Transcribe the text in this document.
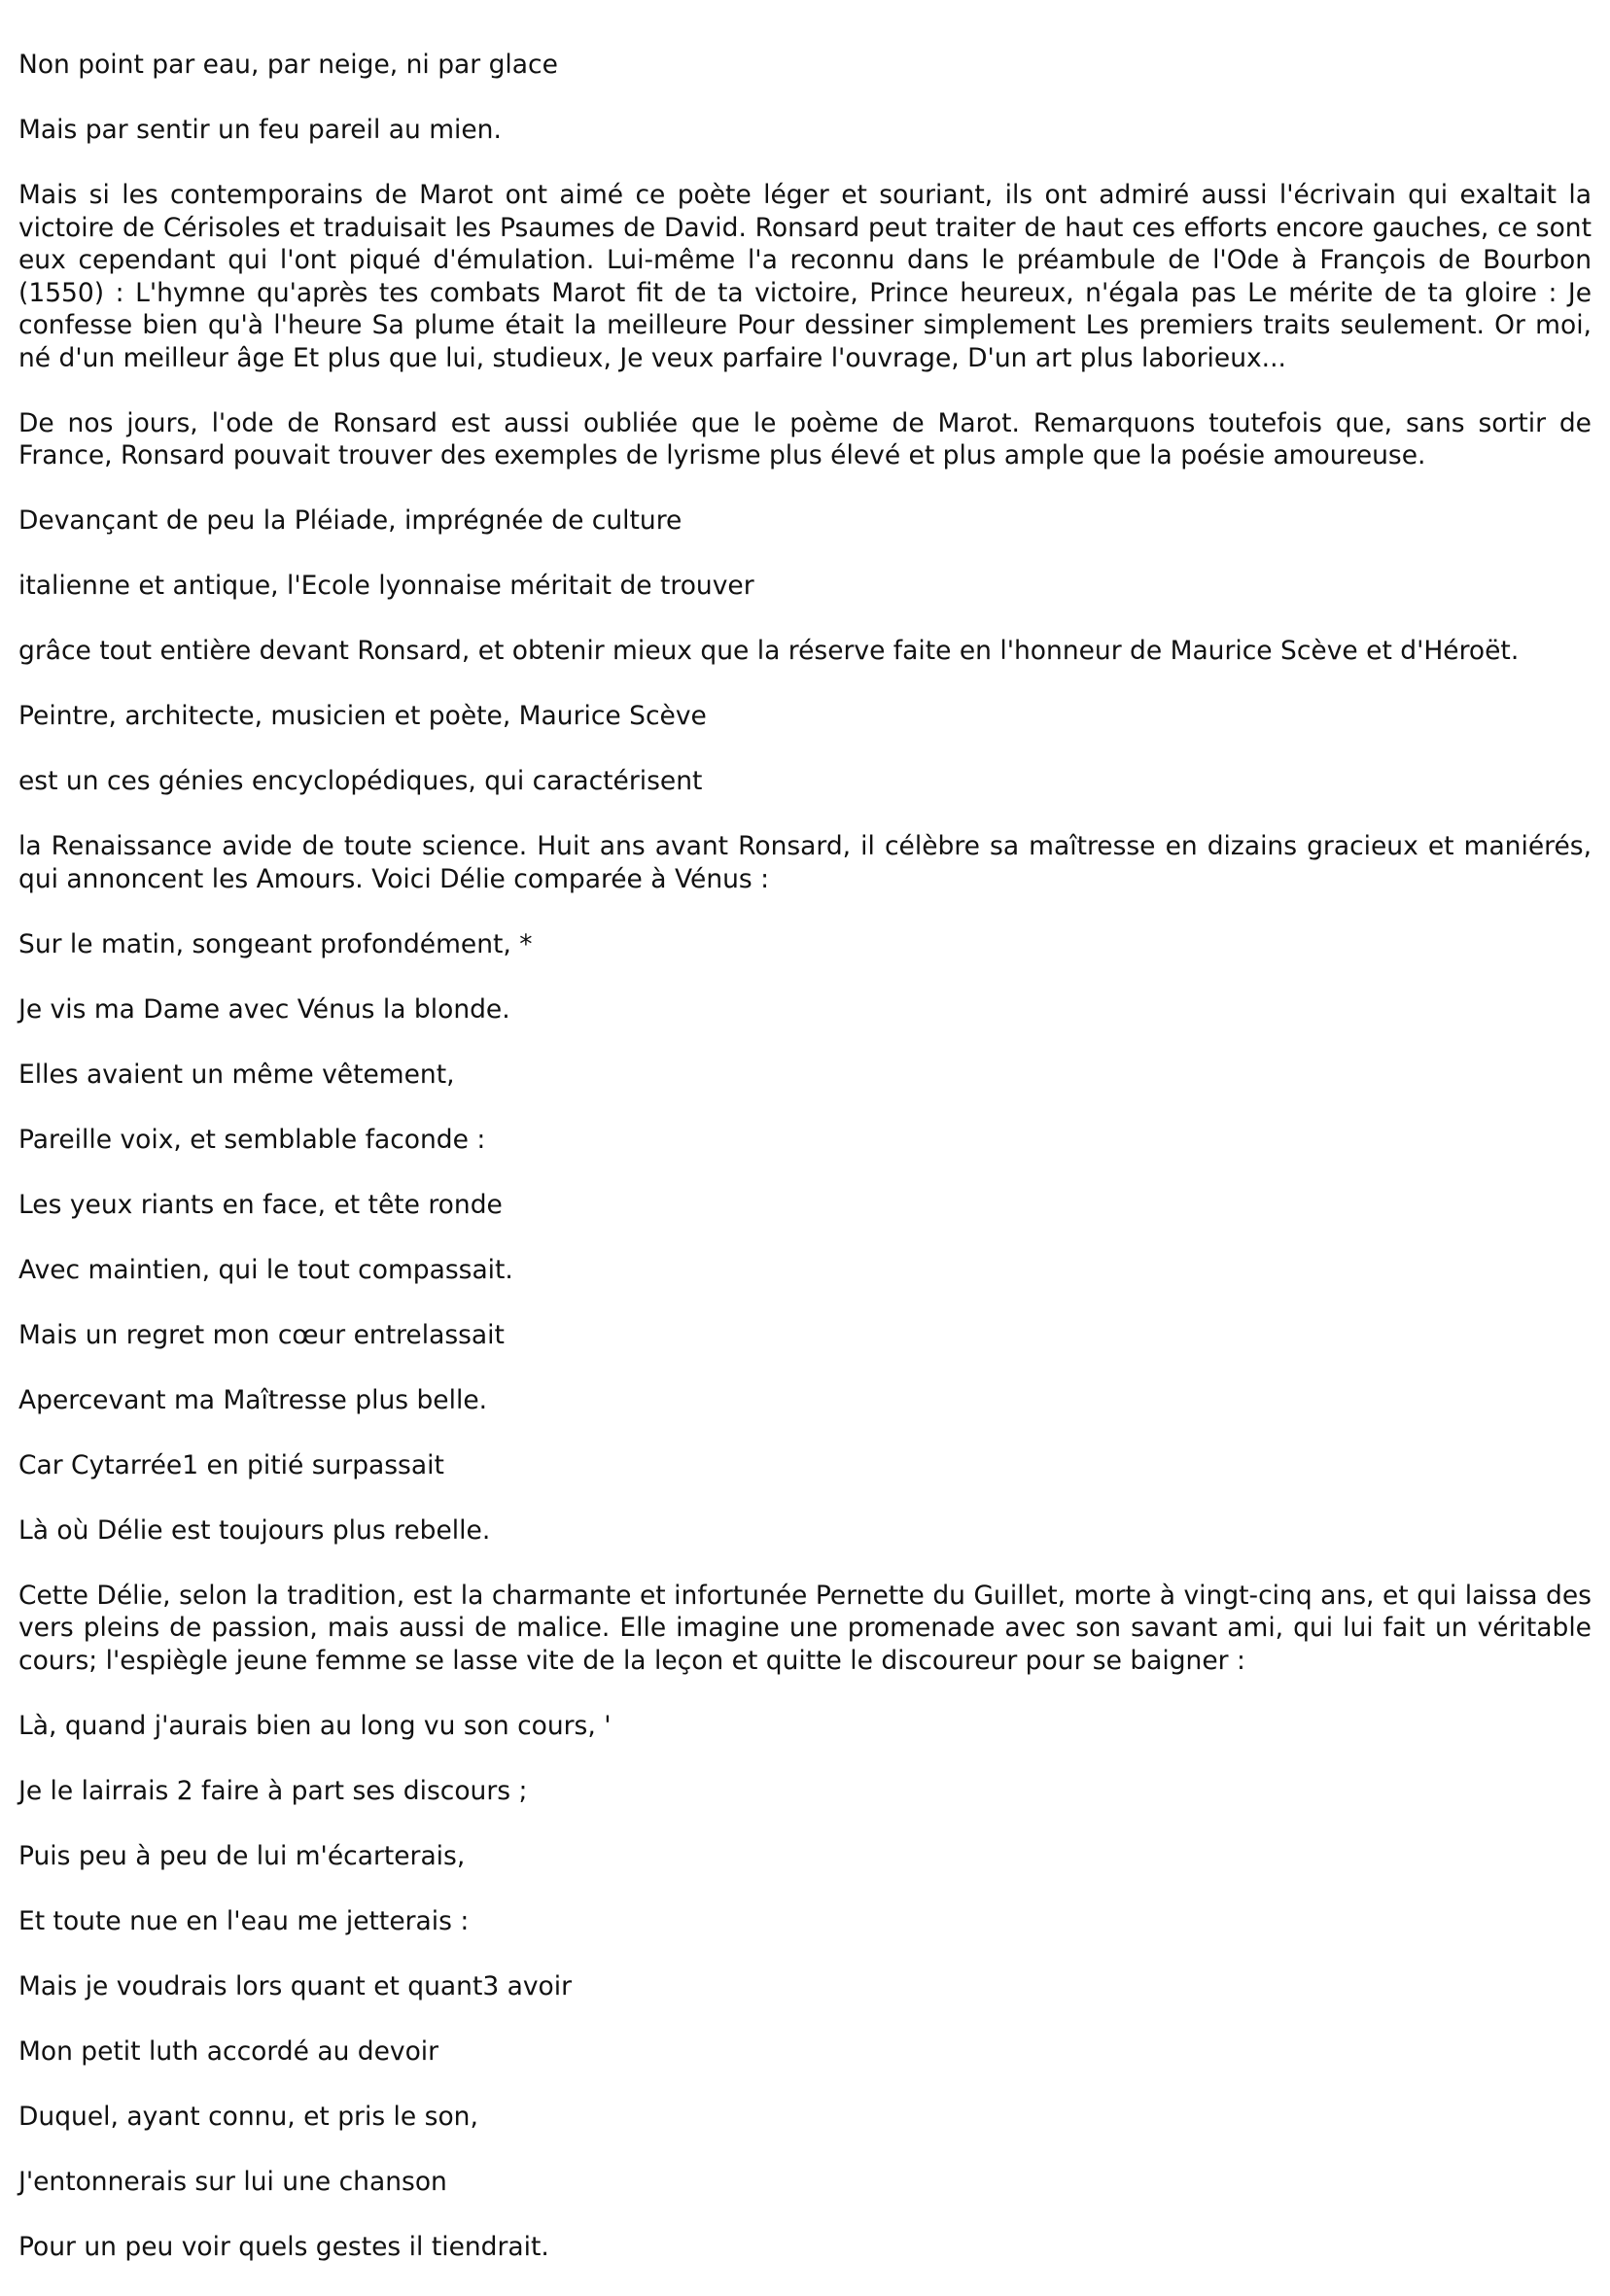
Non point par eau, par neige, ni par glace

Mais par sentir un feu pareil au mien.

Mais si les contemporains de Marot ont aimé ce poète léger et souriant, ils ont admiré aussi l'écrivain qui exaltait la victoire de Cérisoles et traduisait les Psaumes de David. Ronsard peut traiter de haut ces efforts encore gauches, ce sont eux cependant qui l'ont piqué d'émulation. Lui-même l'a reconnu dans le préambule de l'Ode à François de Bourbon (1550) : L'hymne qu'après tes combats Marot fit de ta victoire, Prince heureux, n'égala pas Le mérite de ta gloire : Je confesse bien qu'à l'heure Sa plume était la meilleure Pour dessiner simplement Les premiers traits seulement. Or moi, né d'un meilleur âge Et plus que lui, studieux, Je veux parfaire l'ouvrage, D'un art plus laborieux...

De nos jours, l'ode de Ronsard est aussi oubliée que le poème de Marot. Remarquons toutefois que, sans sortir de France, Ronsard pouvait trouver des exemples de lyrisme plus élevé et plus ample que la poésie amoureuse.

Devançant de peu la Pléiade, imprégnée de culture

italienne et antique, l'Ecole lyonnaise méritait de trouver

grâce tout entière devant Ronsard, et obtenir mieux que la réserve faite en l'honneur de Maurice Scève et d'Héroët.

Peintre, architecte, musicien et poète, Maurice Scève

est un ces génies encyclopédiques, qui caractérisent

la Renaissance avide de toute science. Huit ans avant Ronsard, il célèbre sa maîtresse en dizains gracieux et maniérés, qui annoncent les Amours. Voici Délie comparée à Vénus :

Sur le matin, songeant profondément, *

Je vis ma Dame avec Vénus la blonde.

Elles avaient un même vêtement,

Pareille voix, et semblable faconde :

Les yeux riants en face, et tête ronde

Avec maintien, qui le tout compassait.

Mais un regret mon cœur entrelassait

Apercevant ma Maîtresse plus belle.

Car Cytarrée1 en pitié surpassait

Là où Délie est toujours plus rebelle.

Cette Délie, selon la tradition, est la charmante et infortunée Pernette du Guillet, morte à vingt-cinq ans, et qui laissa des vers pleins de passion, mais aussi de malice. Elle imagine une promenade avec son savant ami, qui lui fait un véritable cours; l'espiègle jeune femme se lasse vite de la leçon et quitte le discoureur pour se baigner :

Là, quand j'aurais bien au long vu son cours, '

Je le lairrais 2 faire à part ses discours ;

Puis peu à peu de lui m'écarterais,

Et toute nue en l'eau me jetterais :

Mais je voudrais lors quant et quant3 avoir

Mon petit luth accordé au devoir

Duquel, ayant connu, et pris le son,

J'entonnerais sur lui une chanson

Pour un peu voir quels gestes il tiendrait.
